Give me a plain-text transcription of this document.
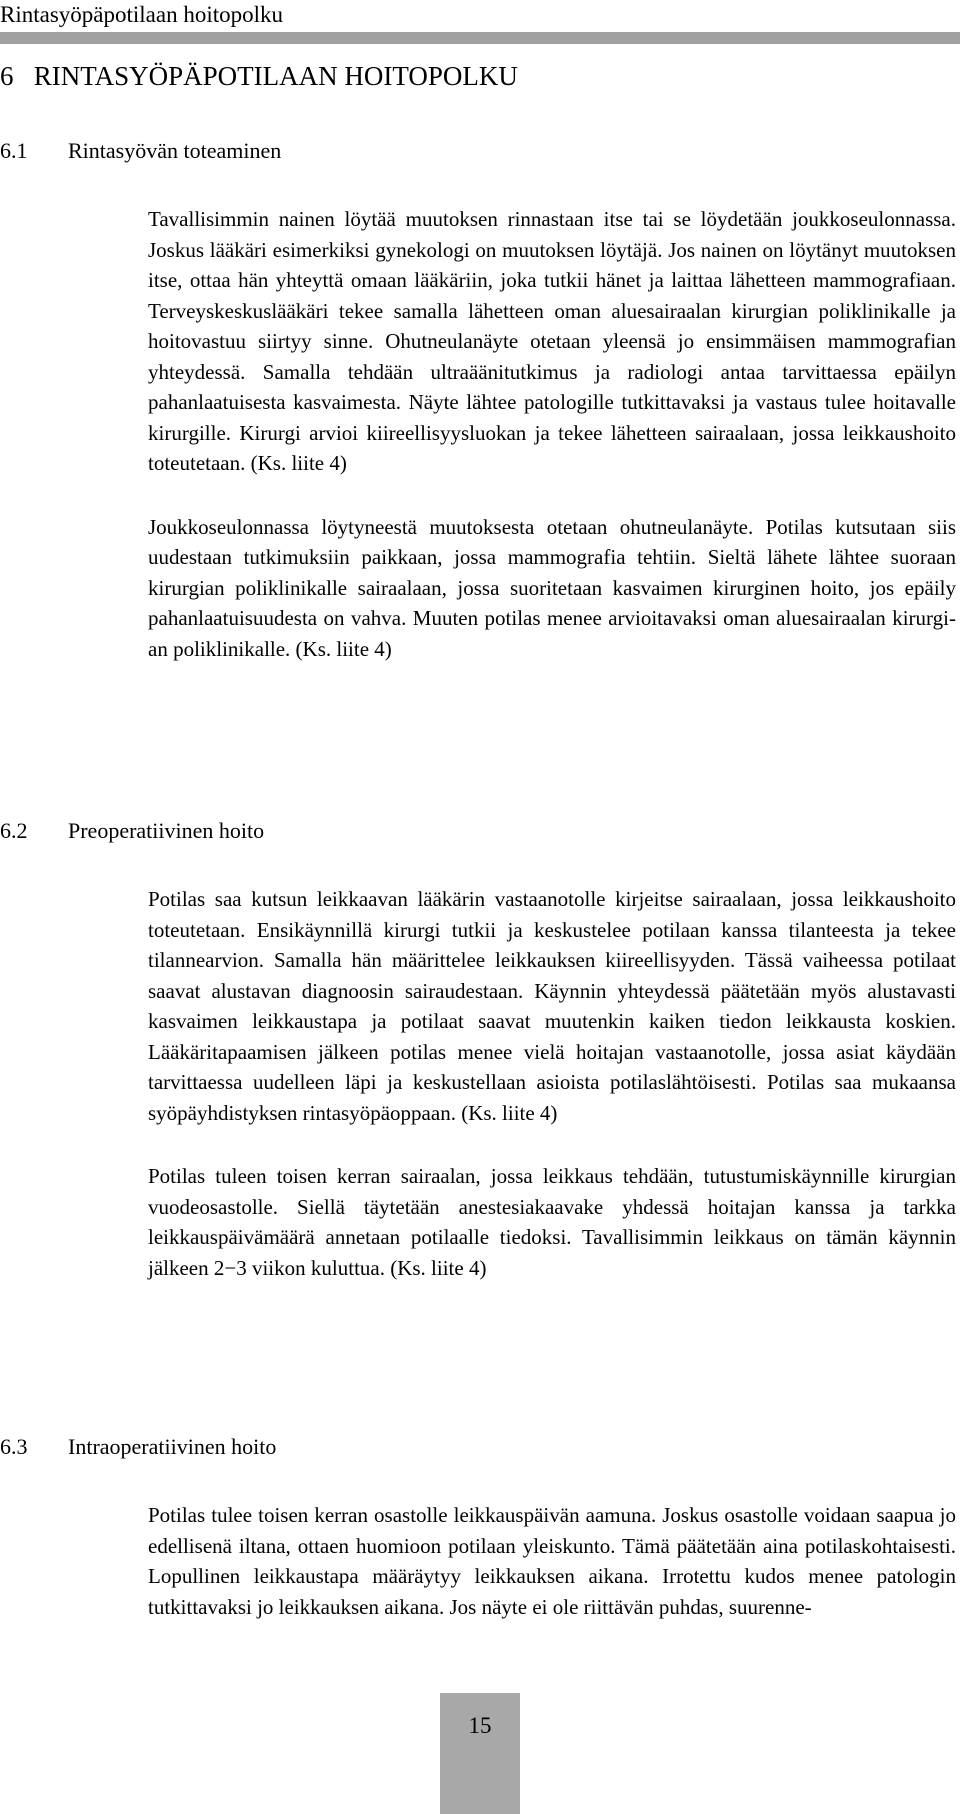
Rintasyöpäpotilaan hoitopolku
6   RINTASYÖPÄPOTILAAN HOITOPOLKU
6.1 Rintasyövän toteaminen
Tavallisimmin nainen löytää muutoksen rinnastaan itse tai se löydetään joukkoseulonnassa. Joskus lääkäri esimerkiksi gynekologi on muutoksen löytäjä. Jos nainen on löytänyt muutoksen itse, ottaa hän yhteyttä omaan lääkäriin, joka tutkii hänet ja laittaa lähetteen mammografiaan. Terveyskeskuslääkäri tekee samalla lähetteen oman aluesairaalan kirurgian poliklinikalle ja hoitovastuu siirtyy sinne. Ohutneulanäyte otetaan yleensä jo ensimmäisen mammografian yhteydessä. Samalla tehdään ultraäänitutkimus ja radiologi antaa tarvittaessa epäilyn pahanlaatuisesta kasvaimesta. Näyte lähtee patologille tutkittavaksi ja vastaus tulee hoitavalle kirurgille. Kirurgi arvioi kiireellisyysluokan ja tekee lähetteen sairaalaan, jossa leikkaushoito toteutetaan. (Ks. liite 4)
Joukkoseulonnassa löytyneestä muutoksesta otetaan ohutneulanäyte. Potilas kutsutaan siis uudestaan tutkimuksiin paikkaan, jossa mammografia tehtiin. Sieltä lähete lähtee suoraan kirurgian poliklinikalle sairaalaan, jossa suoritetaan kasvaimen kirurginen hoito, jos epäily pahanlaatuisuudesta on vahva. Muuten potilas menee arvioitavaksi oman aluesairaalan kirurgian poliklinikalle. (Ks. liite 4)
6.2 Preoperatiivinen hoito
Potilas saa kutsun leikkaavan lääkärin vastaanotolle kirjeitse sairaalaan, jossa leikkaushoito toteutetaan. Ensikäynnillä kirurgi tutkii ja keskustelee potilaan kanssa tilanteesta ja tekee tilannearvion. Samalla hän määrittelee leikkauksen kiireellisyyden. Tässä vaiheessa potilaat saavat alustavan diagnoosin sairaudestaan. Käynnin yhteydessä päätetään myös alustavasti kasvaimen leikkaustapa ja potilaat saavat muutenkin kaiken tiedon leikkausta koskien. Lääkäritapaamisen jälkeen potilas menee vielä hoitajan vastaanotolle, jossa asiat käydään tarvittaessa uudelleen läpi ja keskustellaan asioista potilaslähtöisesti. Potilas saa mukaansa syöpäyhdistyksen rintasyöpäoppaan. (Ks. liite 4)
Potilas tuleen toisen kerran sairaalan, jossa leikkaus tehdään, tutustumiskäynnille kirurgian vuodeosastolle. Siellä täytetään anestesiakaavake yhdessä hoitajan kanssa ja tarkka leikkauspäivämäärä annetaan potilaalle tiedoksi. Tavallisimmin leikkaus on tämän käynnin jälkeen 2−3 viikon kuluttua. (Ks. liite 4)
6.3 Intraoperatiivinen hoito
Potilas tulee toisen kerran osastolle leikkauspäivän aamuna. Joskus osastolle voidaan saapua jo edellisenä iltana, ottaen huomioon potilaan yleiskunto. Tämä päätetään aina potilaskohtaisesti. Lopullinen leikkaustapa määräytyy leikkauksen aikana. Irrotettu kudos menee patologin tutkittavaksi jo leikkauksen aikana. Jos näyte ei ole riittävän puhdas, suurenne-
15
